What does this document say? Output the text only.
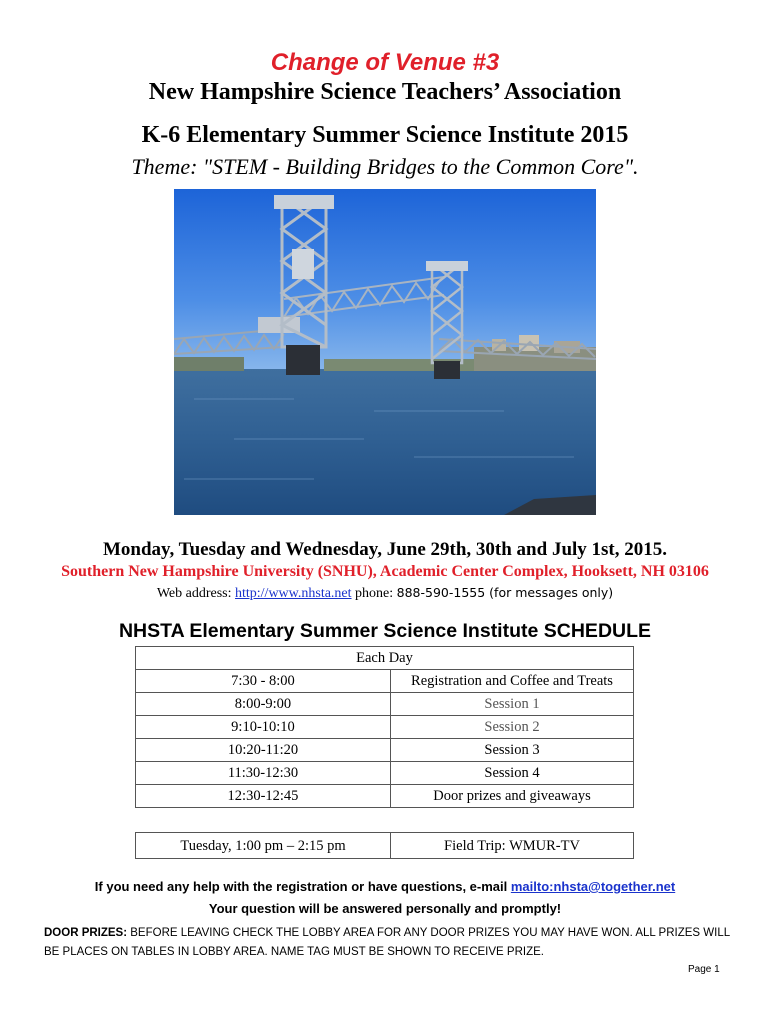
Change of Venue #3
New Hampshire Science Teachers’ Association
K-6 Elementary Summer Science Institute 2015
Theme: "STEM - Building Bridges to the Common Core".
Monday, Tuesday and Wednesday, June 29th, 30th and July 1st, 2015.
Southern New Hampshire University (SNHU), Academic Center Complex, Hooksett, NH 03106
Web address: http://www.nhsta.net phone: 888-590-1555 (for messages only)
NHSTA Elementary Summer Science Institute SCHEDULE
Each Day	
7:30 - 8:00	Registration and Coffee and Treats
8:00-9:00	Session 1
9:10-10:10	Session 2
10:20-11:20	Session 3
11:30-12:30	Session 4
12:30-12:45	Door prizes and giveaways
Tuesday, 1:00 pm – 2:15 pm	Field Trip: WMUR-TV
If you need any help with the registration or have questions, e-mail mailto:nhsta@together.net
Your question will be answered personally and promptly!
DOOR PRIZES: BEFORE LEAVING CHECK THE LOBBY AREA FOR ANY DOOR PRIZES YOU MAY HAVE WON. ALL PRIZES WILL BE PLACES ON TABLES IN LOBBY AREA. NAME TAG MUST BE SHOWN TO RECEIVE PRIZE.
Page 1
